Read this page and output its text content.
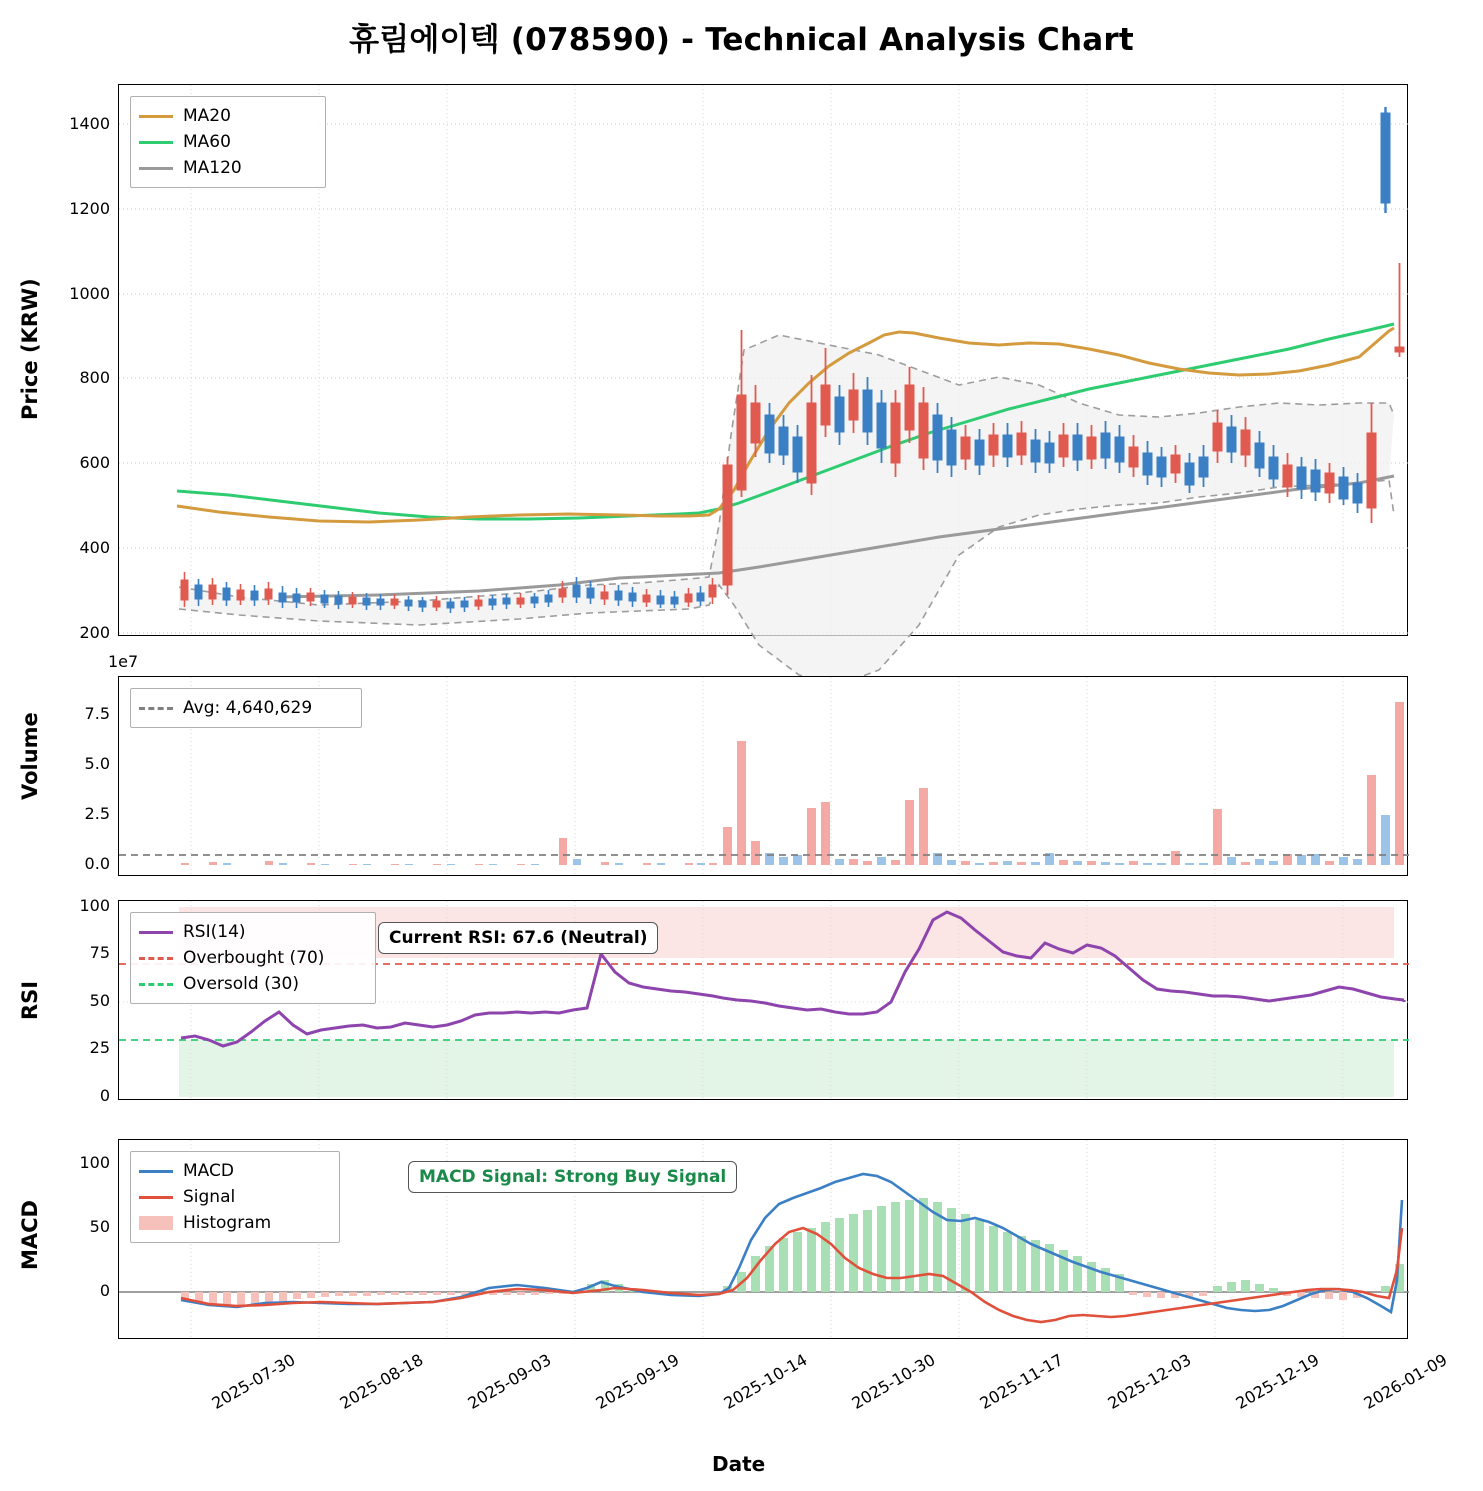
휴림에이텍 (078590) - Technical Analysis Chart
Price (KRW)
MA20
MA60
MA120
200
400
600
800
1000
1200
1400
Volume
1e7
Avg: 4,640,629
0.0
2.5
5.0
7.5
RSI
RSI(14)
Overbought (70)
Oversold (30)
Current RSI: 67.6 (Neutral)
0
25
50
75
100
MACD
MACD
Signal
Histogram
MACD Signal: Strong Buy Signal
0
50
100
2025-07-30 2025-08-18 2025-09-03 2025-09-19 2025-10-14 2025-10-30 2025-11-17 2025-12-03 2025-12-19 2026-01-09
Date
